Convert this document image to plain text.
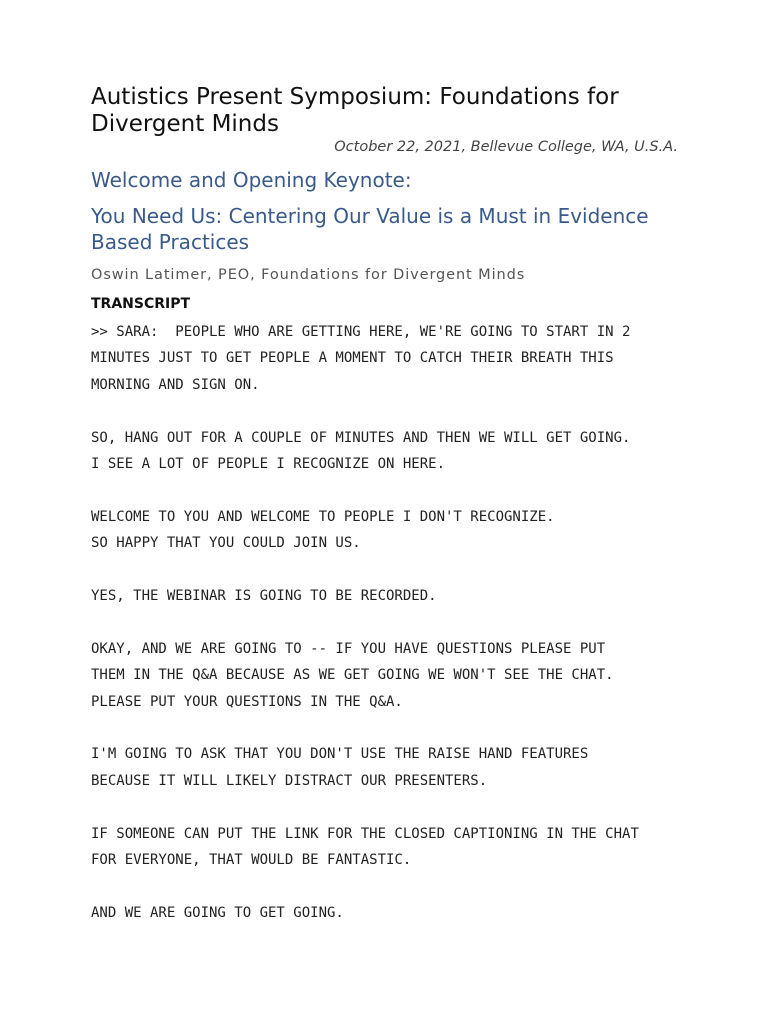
Autistics Present Symposium: Foundations for Divergent Minds

October 22, 2021, Bellevue College, WA, U.S.A.

Welcome and Opening Keynote:
You Need Us: Centering Our Value is a Must in Evidence Based Practices

Oswin Latimer, PEO, Foundations for Divergent Minds

TRANSCRIPT

>> SARA:  PEOPLE WHO ARE GETTING HERE, WE'RE GOING TO START IN 2
MINUTES JUST TO GET PEOPLE A MOMENT TO CATCH THEIR BREATH THIS
MORNING AND SIGN ON.

SO, HANG OUT FOR A COUPLE OF MINUTES AND THEN WE WILL GET GOING.
I SEE A LOT OF PEOPLE I RECOGNIZE ON HERE.

WELCOME TO YOU AND WELCOME TO PEOPLE I DON'T RECOGNIZE.
SO HAPPY THAT YOU COULD JOIN US.

YES, THE WEBINAR IS GOING TO BE RECORDED.

OKAY, AND WE ARE GOING TO -- IF YOU HAVE QUESTIONS PLEASE PUT
THEM IN THE Q&A BECAUSE AS WE GET GOING WE WON'T SEE THE CHAT.
PLEASE PUT YOUR QUESTIONS IN THE Q&A.

I'M GOING TO ASK THAT YOU DON'T USE THE RAISE HAND FEATURES
BECAUSE IT WILL LIKELY DISTRACT OUR PRESENTERS.

IF SOMEONE CAN PUT THE LINK FOR THE CLOSED CAPTIONING IN THE CHAT
FOR EVERYONE, THAT WOULD BE FANTASTIC.

AND WE ARE GOING TO GET GOING.
